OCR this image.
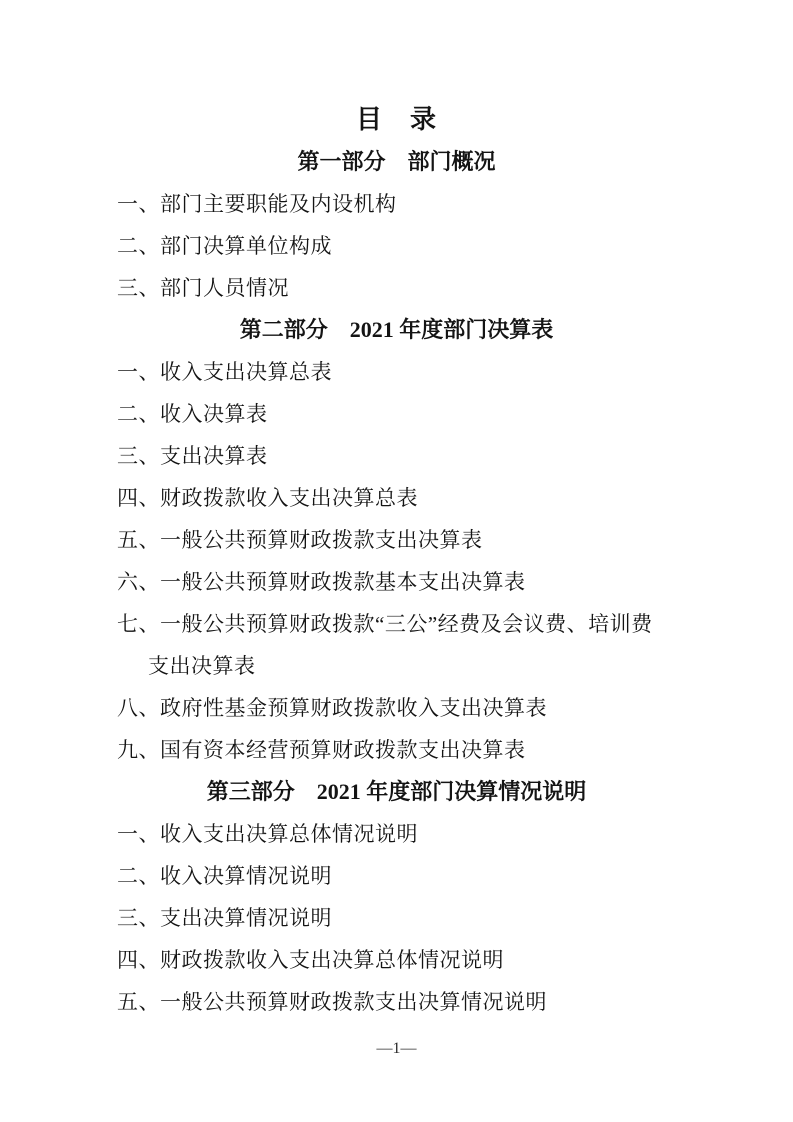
目　录
第一部分　部门概况
一、部门主要职能及内设机构
二、部门决算单位构成
三、部门人员情况
第二部分　2021 年度部门决算表
一、收入支出决算总表
二、收入决算表
三、支出决算表
四、财政拨款收入支出决算总表
五、一般公共预算财政拨款支出决算表
六、一般公共预算财政拨款基本支出决算表
七、一般公共预算财政拨款“三公”经费及会议费、培训费
支出决算表
八、政府性基金预算财政拨款收入支出决算表
九、国有资本经营预算财政拨款支出决算表
第三部分　2021 年度部门决算情况说明
一、收入支出决算总体情况说明
二、收入决算情况说明
三、支出决算情况说明
四、财政拨款收入支出决算总体情况说明
五、一般公共预算财政拨款支出决算情况说明
—1—
